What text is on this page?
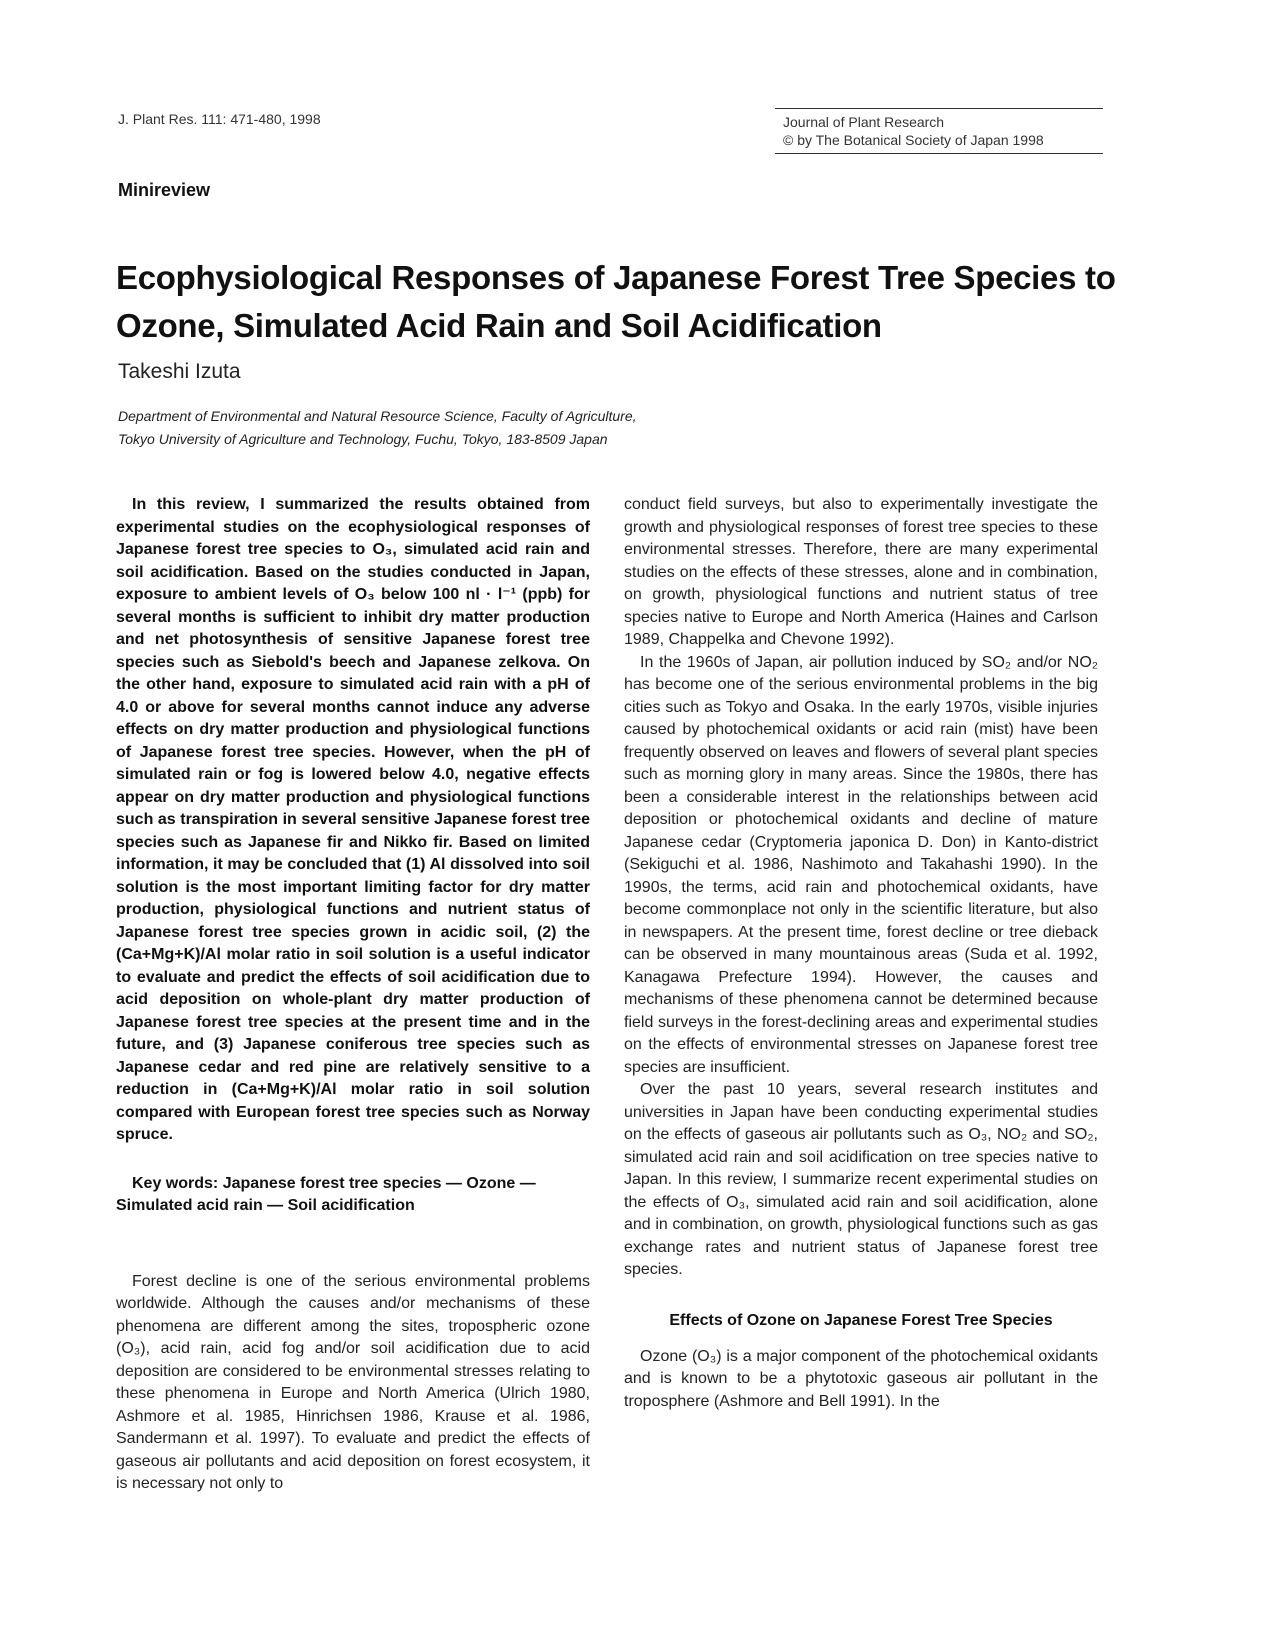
J. Plant Res. 111: 471-480, 1998	Journal of Plant Research
© by The Botanical Society of Japan 1998
Minireview
Ecophysiological Responses of Japanese Forest Tree Species to Ozone, Simulated Acid Rain and Soil Acidification
Takeshi Izuta
Department of Environmental and Natural Resource Science, Faculty of Agriculture,
Tokyo University of Agriculture and Technology, Fuchu, Tokyo, 183-8509 Japan

In this review, I summarized the results obtained from experimental studies on the ecophysiological responses of Japanese forest tree species to O₃, simulated acid rain and soil acidification. Based on the studies conducted in Japan, exposure to ambient levels of O₃ below 100 nl · l⁻¹ (ppb) for several months is sufficient to inhibit dry matter production and net photosynthesis of sensitive Japanese forest tree species such as Siebold's beech and Japanese zelkova. On the other hand, exposure to simulated acid rain with a pH of 4.0 or above for several months cannot induce any adverse effects on dry matter production and physiological functions of Japanese forest tree species. However, when the pH of simulated rain or fog is lowered below 4.0, negative effects appear on dry matter production and physiological functions such as transpiration in several sensitive Japanese forest tree species such as Japanese fir and Nikko fir. Based on limited information, it may be concluded that (1) Al dissolved into soil solution is the most important limiting factor for dry matter production, physiological functions and nutrient status of Japanese forest tree species grown in acidic soil, (2) the (Ca+Mg+K)/Al molar ratio in soil solution is a useful indicator to evaluate and predict the effects of soil acidification due to acid deposition on whole-plant dry matter production of Japanese forest tree species at the present time and in the future, and (3) Japanese coniferous tree species such as Japanese cedar and red pine are relatively sensitive to a reduction in (Ca+Mg+K)/Al molar ratio in soil solution compared with European forest tree species such as Norway spruce.

Key words: Japanese forest tree species — Ozone — Simulated acid rain — Soil acidification

Forest decline is one of the serious environmental problems worldwide. Although the causes and/or mechanisms of these phenomena are different among the sites, tropospheric ozone (O₃), acid rain, acid fog and/or soil acidification due to acid deposition are considered to be environmental stresses relating to these phenomena in Europe and North America (Ulrich 1980, Ashmore et al. 1985, Hinrichsen 1986, Krause et al. 1986, Sandermann et al. 1997). To evaluate and predict the effects of gaseous air pollutants and acid deposition on forest ecosystem, it is necessary not only to

conduct field surveys, but also to experimentally investigate the growth and physiological responses of forest tree species to these environmental stresses. Therefore, there are many experimental studies on the effects of these stresses, alone and in combination, on growth, physiological functions and nutrient status of tree species native to Europe and North America (Haines and Carlson 1989, Chappelka and Chevone 1992).

In the 1960s of Japan, air pollution induced by SO₂ and/or NO₂ has become one of the serious environmental problems in the big cities such as Tokyo and Osaka. In the early 1970s, visible injuries caused by photochemical oxidants or acid rain (mist) have been frequently observed on leaves and flowers of several plant species such as morning glory in many areas. Since the 1980s, there has been a considerable interest in the relationships between acid deposition or photochemical oxidants and decline of mature Japanese cedar (Cryptomeria japonica D. Don) in Kanto-district (Sekiguchi et al. 1986, Nashimoto and Takahashi 1990). In the 1990s, the terms, acid rain and photochemical oxidants, have become commonplace not only in the scientific literature, but also in newspapers. At the present time, forest decline or tree dieback can be observed in many mountainous areas (Suda et al. 1992, Kanagawa Prefecture 1994). However, the causes and mechanisms of these phenomena cannot be determined because field surveys in the forest-declining areas and experimental studies on the effects of environmental stresses on Japanese forest tree species are insufficient.

Over the past 10 years, several research institutes and universities in Japan have been conducting experimental studies on the effects of gaseous air pollutants such as O₃, NO₂ and SO₂, simulated acid rain and soil acidification on tree species native to Japan. In this review, I summarize recent experimental studies on the effects of O₃, simulated acid rain and soil acidification, alone and in combination, on growth, physiological functions such as gas exchange rates and nutrient status of Japanese forest tree species.

Effects of Ozone on Japanese Forest Tree Species

Ozone (O₃) is a major component of the photochemical oxidants and is known to be a phytotoxic gaseous air pollutant in the troposphere (Ashmore and Bell 1991). In the
